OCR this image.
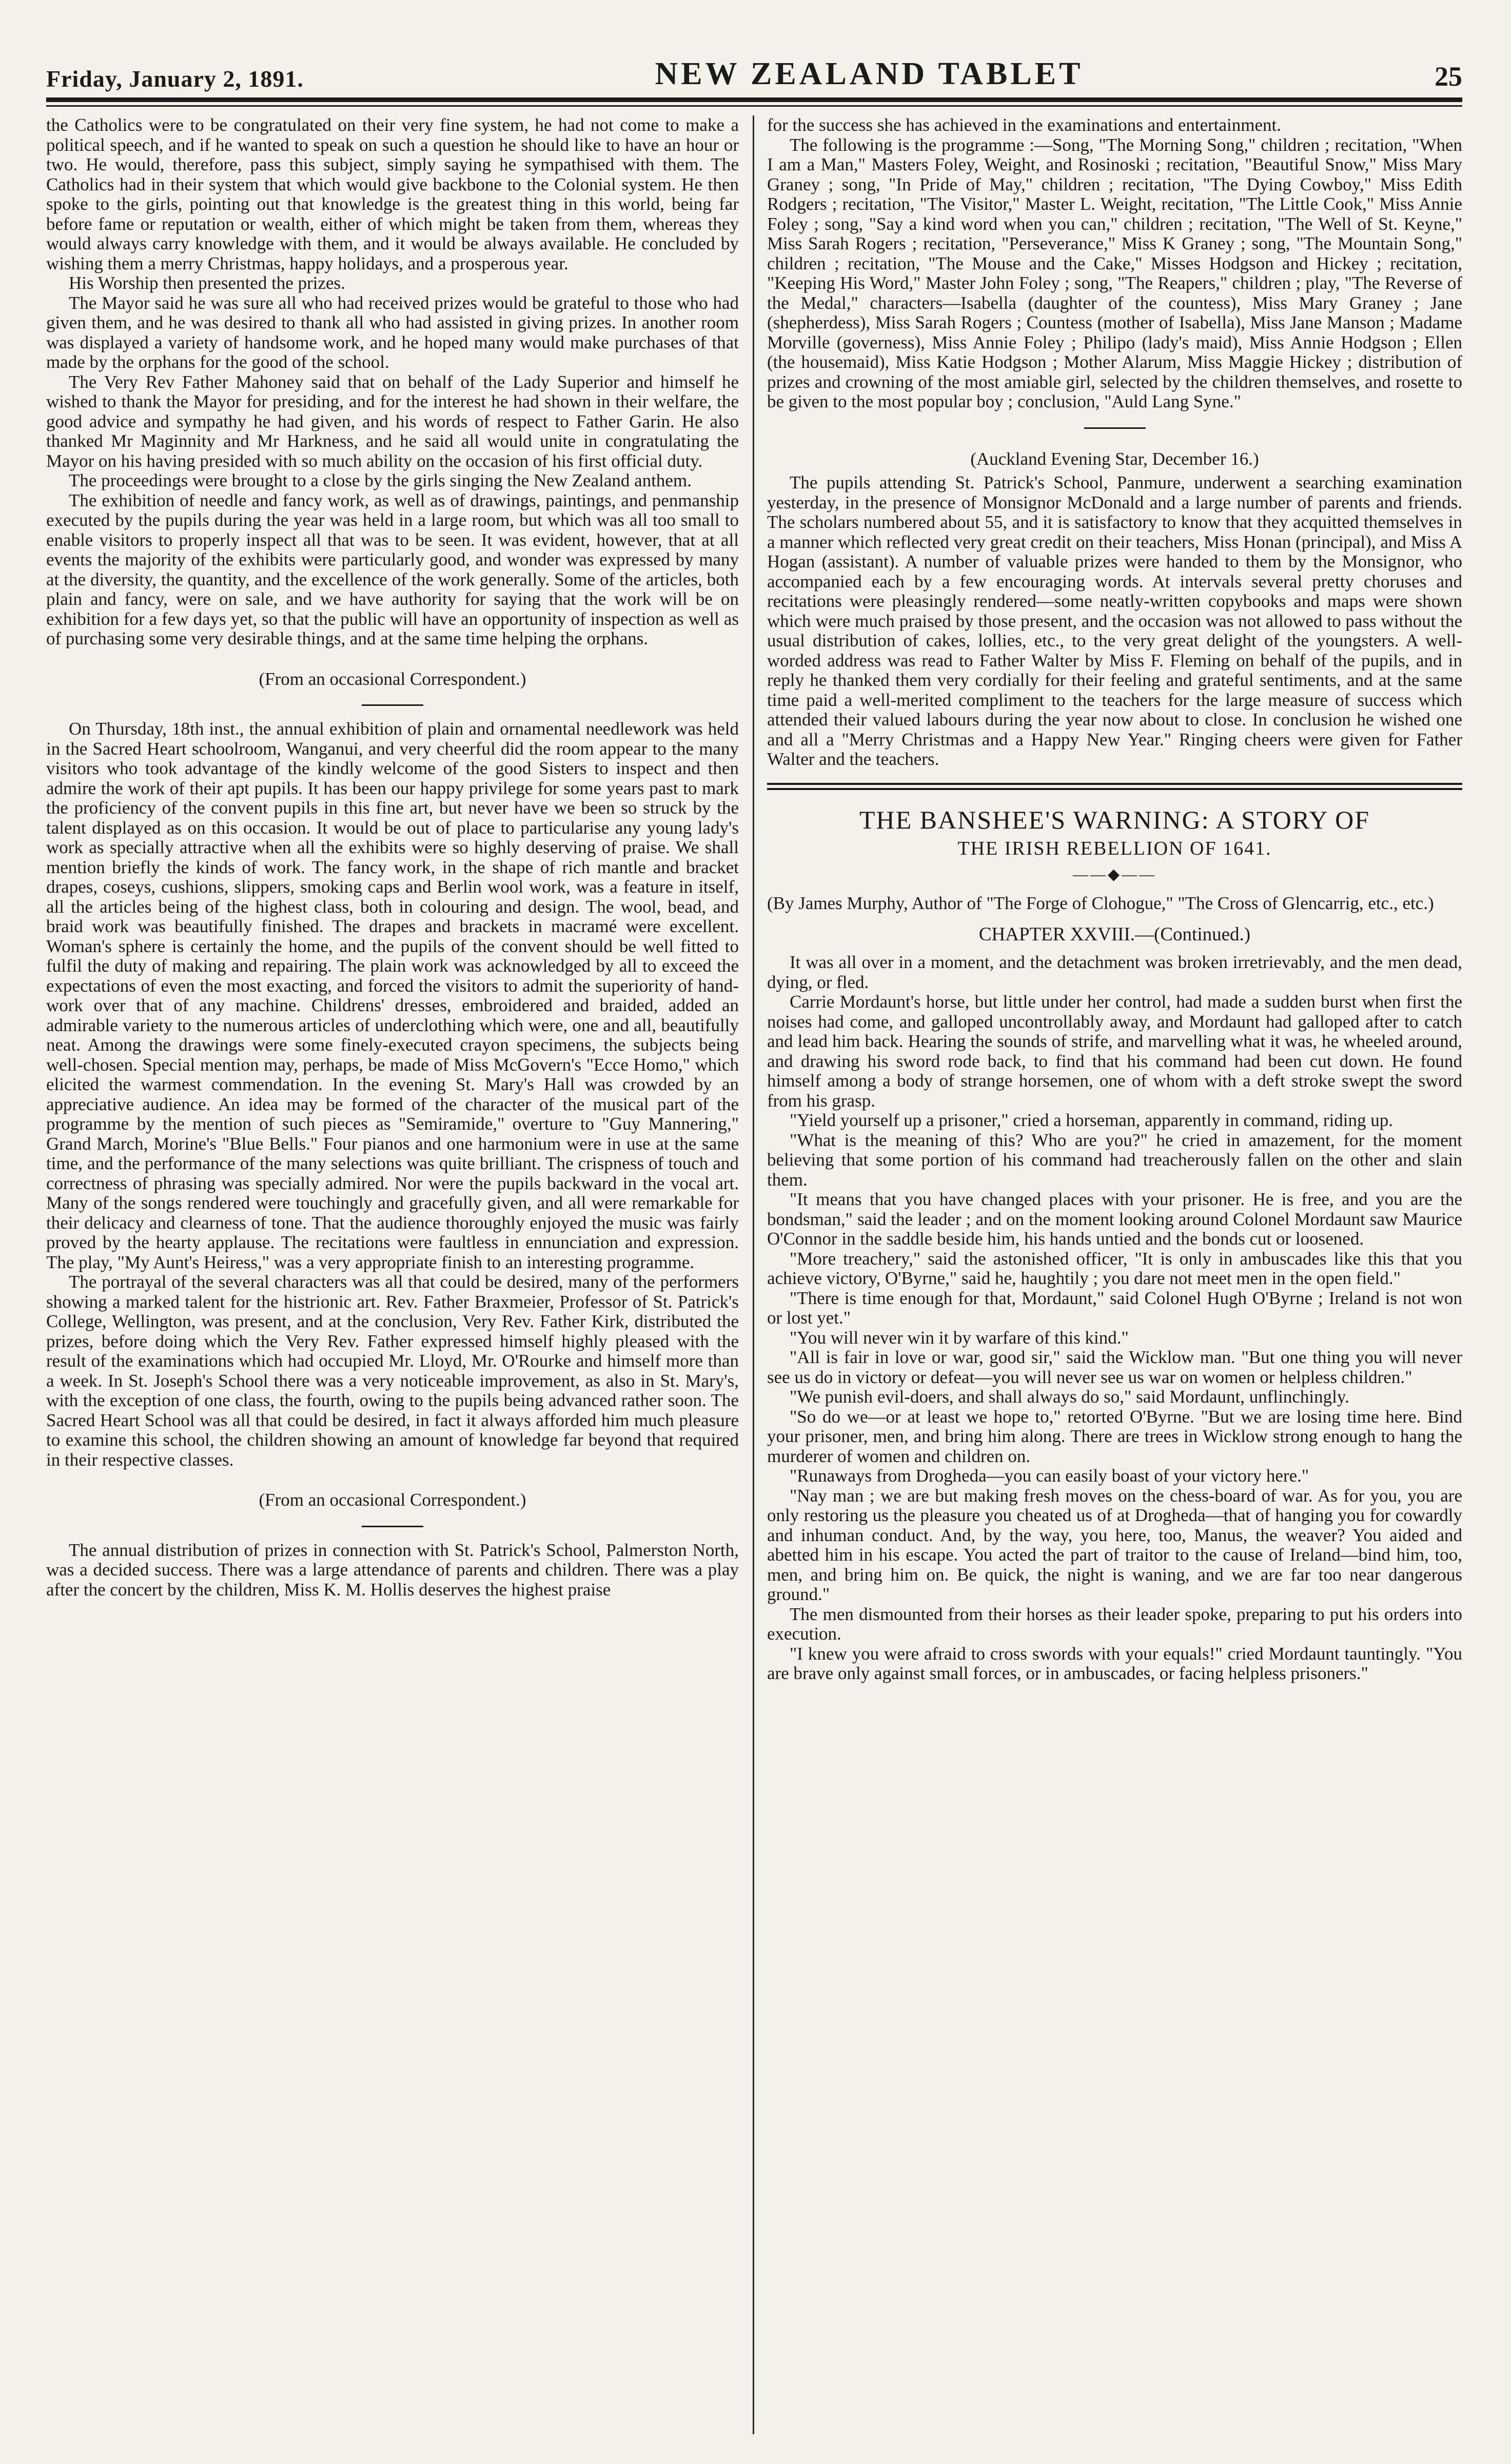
Friday, January 2, 1891.	NEW ZEALAND TABLET	25

the Catholics were to be congratulated on their very fine system, he had not come to make a political speech, and if he wanted to speak on such a question he should like to have an hour or two. He would, therefore, pass this subject, simply saying he sympathised with them. The Catholics had in their system that which would give backbone to the Colonial system. He then spoke to the girls, pointing out that knowledge is the greatest thing in this world, being far before fame or reputation or wealth, either of which might be taken from them, whereas they would always carry knowledge with them, and it would be always available. He concluded by wishing them a merry Christmas, happy holidays, and a prosperous year.

His Worship then presented the prizes.

The Mayor said he was sure all who had received prizes would be grateful to those who had given them, and he was desired to thank all who had assisted in giving prizes. In another room was displayed a variety of handsome work, and he hoped many would make purchases of that made by the orphans for the good of the school.

The Very Rev Father Mahoney said that on behalf of the Lady Superior and himself he wished to thank the Mayor for presiding, and for the interest he had shown in their welfare, the good advice and sympathy he had given, and his words of respect to Father Garin. He also thanked Mr Maginnity and Mr Harkness, and he said all would unite in congratulating the Mayor on his having presided with so much ability on the occasion of his first official duty.

The proceedings were brought to a close by the girls singing the New Zealand anthem.

The exhibition of needle and fancy work, as well as of drawings, paintings, and penmanship executed by the pupils during the year was held in a large room, but which was all too small to enable visitors to properly inspect all that was to be seen. It was evident, however, that at all events the majority of the exhibits were particularly good, and wonder was expressed by many at the diversity, the quantity, and the excellence of the work generally. Some of the articles, both plain and fancy, were on sale, and we have authority for saying that the work will be on exhibition for a few days yet, so that the public will have an opportunity of inspection as well as of purchasing some very desirable things, and at the same time helping the orphans.

(From an occasional Correspondent.)

On Thursday, 18th inst., the annual exhibition of plain and ornamental needlework was held in the Sacred Heart schoolroom, Wanganui, and very cheerful did the room appear to the many visitors who took advantage of the kindly welcome of the good Sisters to inspect and then admire the work of their apt pupils. It has been our happy privilege for some years past to mark the proficiency of the convent pupils in this fine art, but never have we been so struck by the talent displayed as on this occasion. It would be out of place to particularise any young lady's work as specially attractive when all the exhibits were so highly deserving of praise. We shall mention briefly the kinds of work. The fancy work, in the shape of rich mantle and bracket drapes, coseys, cushions, slippers, smoking caps and Berlin wool work, was a feature in itself, all the articles being of the highest class, both in colouring and design. The wool, bead, and braid work was beautifully finished. The drapes and brackets in macramé were excellent. Woman's sphere is certainly the home, and the pupils of the convent should be well fitted to fulfil the duty of making and repairing. The plain work was acknowledged by all to exceed the expectations of even the most exacting, and forced the visitors to admit the superiority of hand-work over that of any machine. Childrens' dresses, embroidered and braided, added an admirable variety to the numerous articles of underclothing which were, one and all, beautifully neat. Among the drawings were some finely-executed crayon specimens, the subjects being well-chosen. Special mention may, perhaps, be made of Miss McGovern's "Ecce Homo," which elicited the warmest commendation. In the evening St. Mary's Hall was crowded by an appreciative audience. An idea may be formed of the character of the musical part of the programme by the mention of such pieces as "Semiramide," overture to "Guy Mannering," Grand March, Morine's "Blue Bells." Four pianos and one harmonium were in use at the same time, and the performance of the many selections was quite brilliant. The crispness of touch and correctness of phrasing was specially admired. Nor were the pupils backward in the vocal art. Many of the songs rendered were touchingly and gracefully given, and all were remarkable for their delicacy and clearness of tone. That the audience thoroughly enjoyed the music was fairly proved by the hearty applause. The recitations were faultless in ennunciation and expression. The play, "My Aunt's Heiress," was a very appropriate finish to an interesting programme.

The portrayal of the several characters was all that could be desired, many of the performers showing a marked talent for the histrionic art. Rev. Father Braxmeier, Professor of St. Patrick's College, Wellington, was present, and at the conclusion, Very Rev. Father Kirk, distributed the prizes, before doing which the Very Rev. Father expressed himself highly pleased with the result of the examinations which had occupied Mr. Lloyd, Mr. O'Rourke and himself more than a week. In St. Joseph's School there was a very noticeable improvement, as also in St. Mary's, with the exception of one class, the fourth, owing to the pupils being advanced rather soon. The Sacred Heart School was all that could be desired, in fact it always afforded him much pleasure to examine this school, the children showing an amount of knowledge far beyond that required in their respective classes.

(From an occasional Correspondent.)

The annual distribution of prizes in connection with St. Patrick's School, Palmerston North, was a decided success. There was a large attendance of parents and children. There was a play after the concert by the children, Miss K. M. Hollis deserves the highest praise

for the success she has achieved in the examinations and entertainment.

The following is the programme :—Song, "The Morning Song," children ; recitation, "When I am a Man," Masters Foley, Weight, and Rosinoski ; recitation, "Beautiful Snow," Miss Mary Graney ; song, "In Pride of May," children ; recitation, "The Dying Cowboy," Miss Edith Rodgers ; recitation, "The Visitor," Master L. Weight, recitation, "The Little Cook," Miss Annie Foley ; song, "Say a kind word when you can," children ; recitation, "The Well of St. Keyne," Miss Sarah Rogers ; recitation, "Perseverance," Miss K Graney ; song, "The Mountain Song," children ; recitation, "The Mouse and the Cake," Misses Hodgson and Hickey ; recitation, "Keeping His Word," Master John Foley ; song, "The Reapers," children ; play, "The Reverse of the Medal," characters—Isabella (daughter of the countess), Miss Mary Graney ; Jane (shepherdess), Miss Sarah Rogers ; Countess (mother of Isabella), Miss Jane Manson ; Madame Morville (governess), Miss Annie Foley ; Philipo (lady's maid), Miss Annie Hodgson ; Ellen (the housemaid), Miss Katie Hodgson ; Mother Alarum, Miss Maggie Hickey ; distribution of prizes and crowning of the most amiable girl, selected by the children themselves, and rosette to be given to the most popular boy ; conclusion, "Auld Lang Syne."

(Auckland Evening Star, December 16.)

The pupils attending St. Patrick's School, Panmure, underwent a searching examination yesterday, in the presence of Monsignor McDonald and a large number of parents and friends. The scholars numbered about 55, and it is satisfactory to know that they acquitted themselves in a manner which reflected very great credit on their teachers, Miss Honan (principal), and Miss A Hogan (assistant). A number of valuable prizes were handed to them by the Monsignor, who accompanied each by a few encouraging words. At intervals several pretty choruses and recitations were pleasingly rendered—some neatly-written copybooks and maps were shown which were much praised by those present, and the occasion was not allowed to pass without the usual distribution of cakes, lollies, etc., to the very great delight of the youngsters. A well-worded address was read to Father Walter by Miss F. Fleming on behalf of the pupils, and in reply he thanked them very cordially for their feeling and grateful sentiments, and at the same time paid a well-merited compliment to the teachers for the large measure of success which attended their valued labours during the year now about to close. In conclusion he wished one and all a "Merry Christmas and a Happy New Year." Ringing cheers were given for Father Walter and the teachers.

THE BANSHEE'S WARNING: A STORY OF
THE IRISH REBELLION OF 1641.
——◆——

(By James Murphy, Author of "The Forge of Clohogue," "The Cross of Glencarrig, etc., etc.)

CHAPTER XXVIII.—(Continued.)

It was all over in a moment, and the detachment was broken irretrievably, and the men dead, dying, or fled.

Carrie Mordaunt's horse, but little under her control, had made a sudden burst when first the noises had come, and galloped uncontrollably away, and Mordaunt had galloped after to catch and lead him back. Hearing the sounds of strife, and marvelling what it was, he wheeled around, and drawing his sword rode back, to find that his command had been cut down. He found himself among a body of strange horsemen, one of whom with a deft stroke swept the sword from his grasp.

"Yield yourself up a prisoner," cried a horseman, apparently in command, riding up.

"What is the meaning of this? Who are you?" he cried in amazement, for the moment believing that some portion of his command had treacherously fallen on the other and slain them.

"It means that you have changed places with your prisoner. He is free, and you are the bondsman," said the leader ; and on the moment looking around Colonel Mordaunt saw Maurice O'Connor in the saddle beside him, his hands untied and the bonds cut or loosened.

"More treachery," said the astonished officer, "It is only in ambuscades like this that you achieve victory, O'Byrne," said he, haughtily ; you dare not meet men in the open field."

"There is time enough for that, Mordaunt," said Colonel Hugh O'Byrne ; Ireland is not won or lost yet."

"You will never win it by warfare of this kind."

"All is fair in love or war, good sir," said the Wicklow man. "But one thing you will never see us do in victory or defeat—you will never see us war on women or helpless children."

"We punish evil-doers, and shall always do so," said Mordaunt, unflinchingly.

"So do we—or at least we hope to," retorted O'Byrne. "But we are losing time here. Bind your prisoner, men, and bring him along. There are trees in Wicklow strong enough to hang the murderer of women and children on.

"Runaways from Drogheda—you can easily boast of your victory here."

"Nay man ; we are but making fresh moves on the chess-board of war. As for you, you are only restoring us the pleasure you cheated us of at Drogheda—that of hanging you for cowardly and inhuman conduct. And, by the way, you here, too, Manus, the weaver? You aided and abetted him in his escape. You acted the part of traitor to the cause of Ireland—bind him, too, men, and bring him on. Be quick, the night is waning, and we are far too near dangerous ground."

The men dismounted from their horses as their leader spoke, preparing to put his orders into execution.

"I knew you were afraid to cross swords with your equals!" cried Mordaunt tauntingly. "You are brave only against small forces, or in ambuscades, or facing helpless prisoners."
